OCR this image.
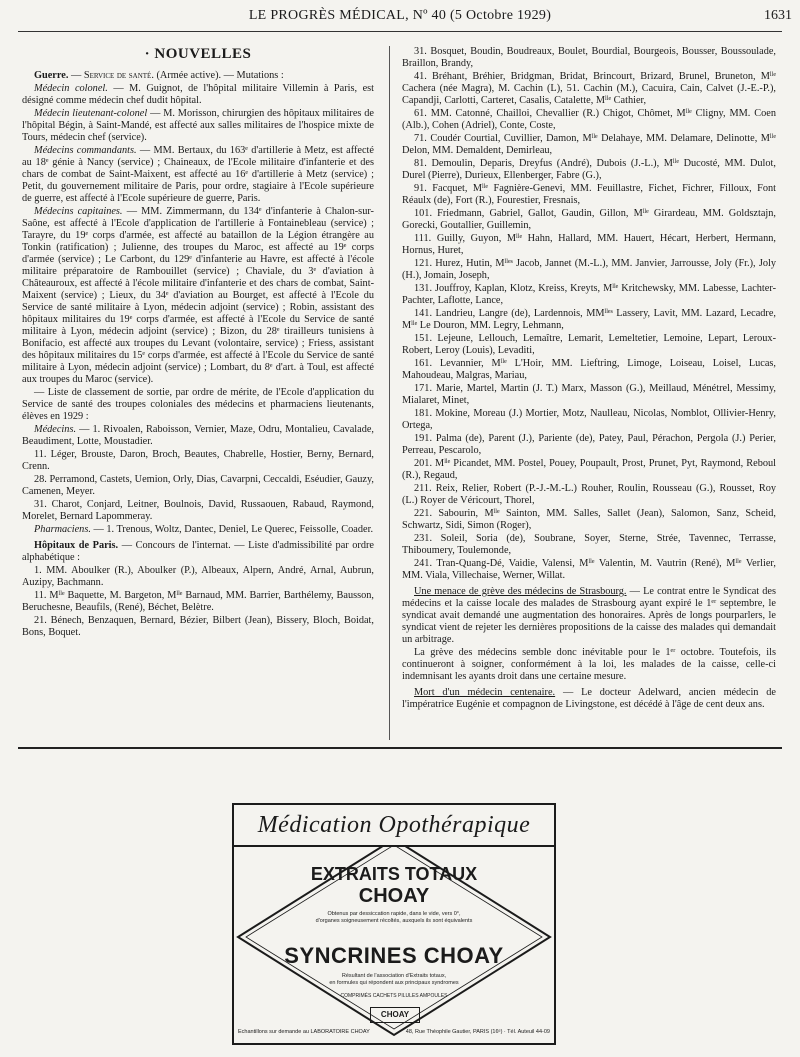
LE PROGRÈS MÉDICAL, Nº 40 (5 Octobre 1929)	1631
· NOUVELLES

Guerre. — Service de santé. (Armée active). — Mutations :

Médecin colonel. — M. Guignot, de l'hôpital militaire Villemin à Paris, est désigné comme médecin chef dudit hôpital.

Médecin lieutenant-colonel — M. Morisson, chirurgien des hôpitaux militaires de l'hôpital Bégin, à Saint-Mandé, est affecté aux salles militaires de l'hospice mixte de Tours, médecin chef (service).

Médecins commandants. — MM. Bertaux, du 163ᵉ d'artillerie à Metz, est affecté au 18ᵉ génie à Nancy (service) ; Chaineaux, de l'Ecole militaire d'infanterie et des chars de combat de Saint-Maixent, est affecté au 16ᵉ d'artillerie à Metz (service) ; Petit, du gouvernement militaire de Paris, pour ordre, stagiaire à l'Ecole supérieure de guerre, est affecté à l'Ecole supérieure de guerre, Paris.

Médecins capitaines. — MM. Zimmermann, du 134ᵉ d'infanterie à Chalon-sur-Saône, est affecté à l'Ecole d'application de l'artillerie à Fontainebleau (service) ; Tarayre, du 19ᵉ corps d'armée, est affecté au bataillon de la Légion étrangère au Tonkin (ratification) ; Julienne, des troupes du Maroc, est affecté au 19ᵉ corps d'armée (service) ; Le Carbont, du 129ᵉ d'infanterie au Havre, est affecté à l'école militaire préparatoire de Rambouillet (service) ; Chaviale, du 3ᵉ d'aviation à Châteauroux, est affecté à l'école militaire d'infanterie et des chars de combat, Saint-Maixent (service) ; Lieux, du 34ᵉ d'aviation au Bourget, est affecté à l'Ecole du Service de santé militaire à Lyon, médecin adjoint (service) ; Robin, assistant des hôpitaux militaires du 19ᵉ corps d'armée, est affecté à l'Ecole du Service de santé militaire à Lyon, médecin adjoint (service) ; Bizon, du 28ᵉ tirailleurs tunisiens à Bonifacio, est affecté aux troupes du Levant (volontaire, service) ; Friess, assistant des hôpitaux militaires du 15ᵉ corps d'armée, est affecté à l'Ecole du Service de santé militaire à Lyon, médecin adjoint (service) ; Lombart, du 8ᵉ d'art. à Toul, est affecté aux troupes du Maroc (service).

— Liste de classement de sortie, par ordre de mérite, de l'Ecole d'application du Service de santé des troupes coloniales des médecins et pharmaciens lieutenants, élèves en 1929 :

Médecins. — 1. Rivoalen, Raboisson, Vernier, Maze, Odru, Montalieu, Cavalade, Beaudiment, Lotte, Moustadier.

11. Léger, Brouste, Daron, Broch, Beautes, Chabrelle, Hostier, Berny, Bernard, Crenn.

28. Perramond, Castets, Uemion, Orly, Dias, Cavarpni, Ceccaldi, Eséudier, Gauzy, Camenen, Meyer.

31. Charot, Conjard, Leitner, Boulnois, David, Russaouen, Rabaud, Raymond, Morelet, Bernard Lapommeray.

Pharmaciens. — 1. Trenous, Woltz, Dantec, Deniel, Le Querec, Feissolle, Coader.

Hôpitaux de Paris. — Concours de l'internat. — Liste d'admissibilité par ordre alphabétique :

1. MM. Aboulker (R.), Aboulker (P.), Albeaux, Alpern, André, Arnal, Aubrun, Auzipy, Bachmann.

11. Mˡˡᵉ Baquette, M. Bargeton, Mˡˡᵉ Barnaud, MM. Barrier, Barthélemy, Bausson, Beruchesne, Beaufils, (René), Béchet, Belètre.

21. Bénech, Benzaquen, Bernard, Bézier, Bilbert (Jean), Bissery, Bloch, Boidat, Bons, Boquet.

31. Bosquet, Boudin, Boudreaux, Boulet, Bourdial, Bourgeois, Bousser, Boussoulade, Braillon, Brandy,

41. Bréhant, Bréhier, Bridgman, Bridat, Brincourt, Brizard, Brunel, Bruneton, Mˡˡᵉ Cachera (née Magra), M. Cachin (L), 51. Cachin (M.), Cacuira, Cain, Calvet (J.-E.-P.), Capandji, Carlotti, Carteret, Casalis, Catalette, Mˡˡᵉ Cathier,

61. MM. Catonné, Chailloi, Chevallier (R.) Chigot, Chômet, Mˡˡᵉ Cligny, MM. Coen (Alb.), Cohen (Adriel), Conte, Coste,

71. Coudér Courtial, Cuvillier, Damon, Mˡˡᵉ Delahaye, MM. Delamare, Delinotte, Mˡˡᵉ Delon, MM. Demaldent, Demirleau,

81. Demoulin, Deparis, Dreyfus (André), Dubois (J.-L.), Mˡˡᵉ Ducosté, MM. Dulot, Durel (Pierre), Durieux, Ellenberger, Fabre (G.),

91. Facquet, Mˡˡᵉ Fagnière-Genevi, MM. Feuillastre, Fichet, Fichrer, Filloux, Font Réaulx (de), Fort (R.), Fourestier, Fresnais,

101. Friedmann, Gabriel, Gallot, Gaudin, Gillon, Mˡˡᵉ Girardeau, MM. Goldsztajn, Gorecki, Goutallier, Guillemin,

111. Guilly, Guyon, Mˡˡᵉ Hahn, Hallard, MM. Hauert, Hécart, Herbert, Hermann, Hornus, Huret,

121. Hurez, Hutin, Mˡˡᵉˢ Jacob, Jannet (M.-L.), MM. Janvier, Jarrousse, Joly (Fr.), Joly (H.), Jomain, Joseph,

131. Jouffroy, Kaplan, Klotz, Kreiss, Kreyts, Mˡˡᵉ Kritchewsky, MM. Labesse, Lachter-Pachter, Laflotte, Lance,

141. Landrieu, Langre (de), Lardennois, MMˡˡᵉˢ Lassery, Lavit, MM. Lazard, Lecadre, Mˡˡᵉ Le Douron, MM. Legry, Lehmann,

151. Lejeune, Lellouch, Lemaître, Lemarit, Lemeltetier, Lemoine, Lepart, Leroux-Robert, Leroy (Louis), Levaditi,

161. Levannier, Mˡˡᵉ L'Hoir, MM. Lieftring, Limoge, Loiseau, Loisel, Lucas, Mahoudeau, Malgras, Mariau,

171. Marie, Martel, Martin (J. T.) Marx, Masson (G.), Meillaud, Ménétrel, Messimy, Mialaret, Minet,

181. Mokine, Moreau (J.) Mortier, Motz, Naulleau, Nicolas, Nomblot, Ollivier-Henry, Ortega,

191. Palma (de), Parent (J.), Pariente (de), Patey, Paul, Pérachon, Pergola (J.) Perier, Perreau, Pescarolo,

201. Mˡˡᵉ Picandet, MM. Postel, Pouey, Poupault, Prost, Prunet, Pyt, Raymond, Reboul (R.), Regaud,

211. Reix, Relier, Robert (P.-J.-M.-L.) Rouher, Roulin, Rousseau (G.), Rousset, Roy (L.) Royer de Véricourt, Thorel,

221. Sabourin, Mˡˡᵉ Sainton, MM. Salles, Sallet (Jean), Salomon, Sanz, Scheid, Schwartz, Sidi, Simon (Roger),

231. Soleil, Soria (de), Soubrane, Soyer, Sterne, Strée, Tavennec, Terrasse, Thiboumery, Toulemonde,

241. Tran-Quang-Dé, Vaidie, Valensi, Mˡˡᵉ Valentin, M. Vautrin (René), Mˡˡᵉ Verlier, MM. Viala, Villechaise, Werner, Willat.

Une menace de grève des médecins de Strasbourg. — Le contrat entre le Syndicat des médecins et la caisse locale des malades de Strasbourg ayant expiré le 1ᵉʳ septembre, le syndicat avait demandé une augmentation des honoraires. Après de longs pourparlers, le syndicat vient de rejeter les dernières propositions de la caisse des malades qui demandait un arbitrage.

La grève des médecins semble donc inévitable pour le 1ᵉʳ octobre. Toutefois, ils continueront à soigner, conformément à la loi, les malades de la caisse, celle-ci indemnisant les ayants droit dans une certaine mesure.

Mort d'un médecin centenaire. — Le docteur Adelward, ancien médecin de l'impératrice Eugénie et compagnon de Livingstone, est décédé à l'âge de cent deux ans.

Médication Opothérapique
EXTRAITS TOTAUX
CHOAY
Obtenus par dessiccation rapide, dans le vide, vers 0°,
d'organes soigneusement récoltés, auxquels ils sont équivalents
SYNCRINES CHOAY
Résultant de l'association d'Extraits totaux,
en formules qui répondent aux principaux syndromes
COMPRIMÉS CACHETS PILULES AMPOULES
CHOAY
Echantillons sur demande au LABORATOIRE CHOAY	48, Rue Théophile Gautier, PARIS (16ᵉ) · Tél. Auteuil 44-09
